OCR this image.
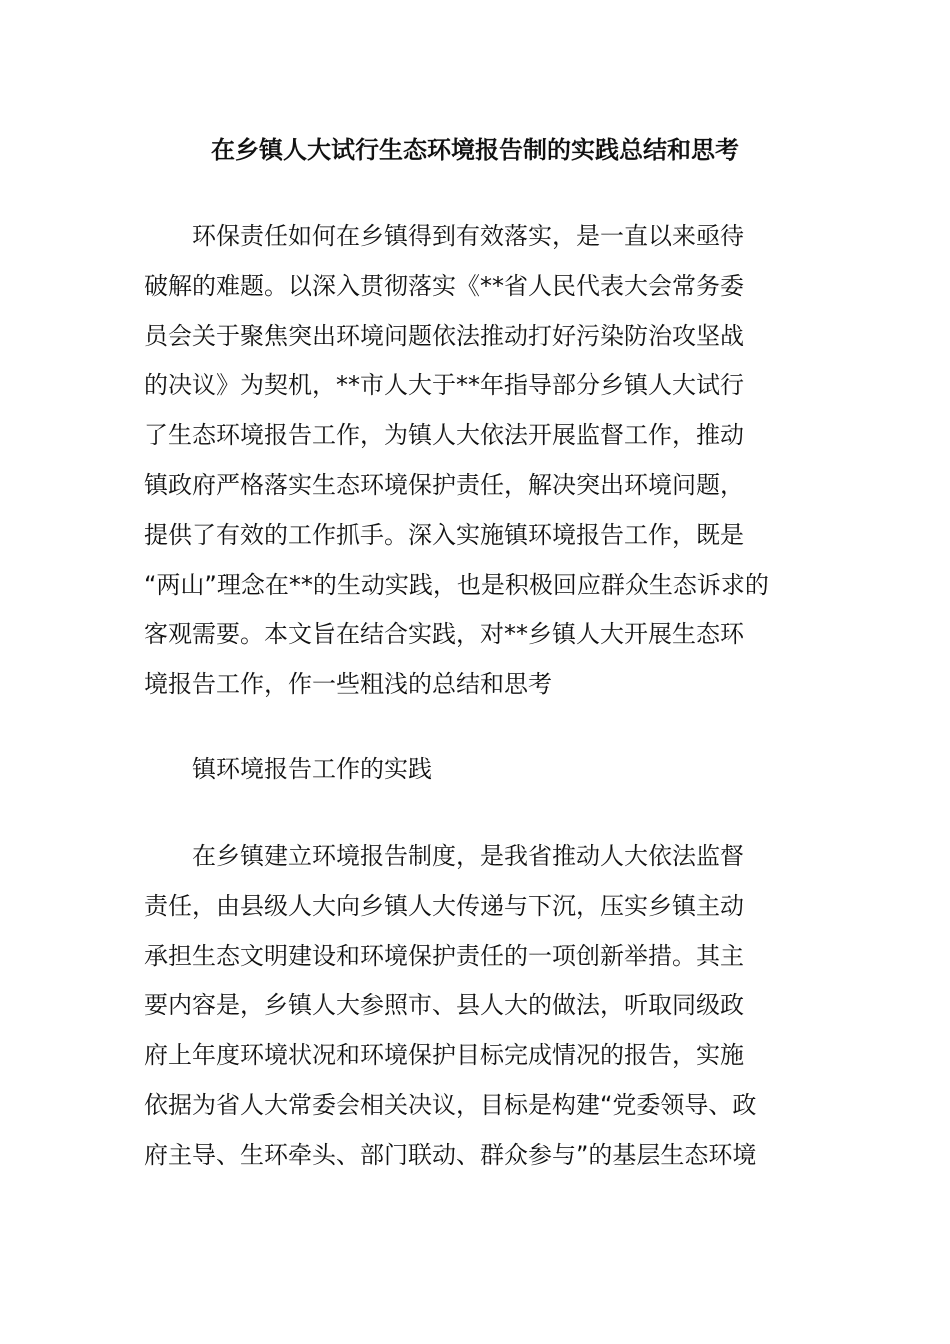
在乡镇人大试行生态环境报告制的实践总结和思考
环保责任如何在乡镇得到有效落实，是一直以来亟待
破解的难题。以深入贯彻落实《**省人民代表大会常务委
员会关于聚焦突出环境问题依法推动打好污染防治攻坚战
的决议》为契机，**市人大于**年指导部分乡镇人大试行
了生态环境报告工作，为镇人大依法开展监督工作，推动
镇政府严格落实生态环境保护责任，解决突出环境问题，
提供了有效的工作抓手。深入实施镇环境报告工作，既是
“两山”理念在**的生动实践，也是积极回应群众生态诉求的
客观需要。本文旨在结合实践，对**乡镇人大开展生态环
境报告工作，作一些粗浅的总结和思考
镇环境报告工作的实践
在乡镇建立环境报告制度，是我省推动人大依法监督
责任，由县级人大向乡镇人大传递与下沉，压实乡镇主动
承担生态文明建设和环境保护责任的一项创新举措。其主
要内容是，乡镇人大参照市、县人大的做法，听取同级政
府上年度环境状况和环境保护目标完成情况的报告，实施
依据为省人大常委会相关决议，目标是构建“党委领导、政
府主导、生环牵头、部门联动、群众参与”的基层生态环境
